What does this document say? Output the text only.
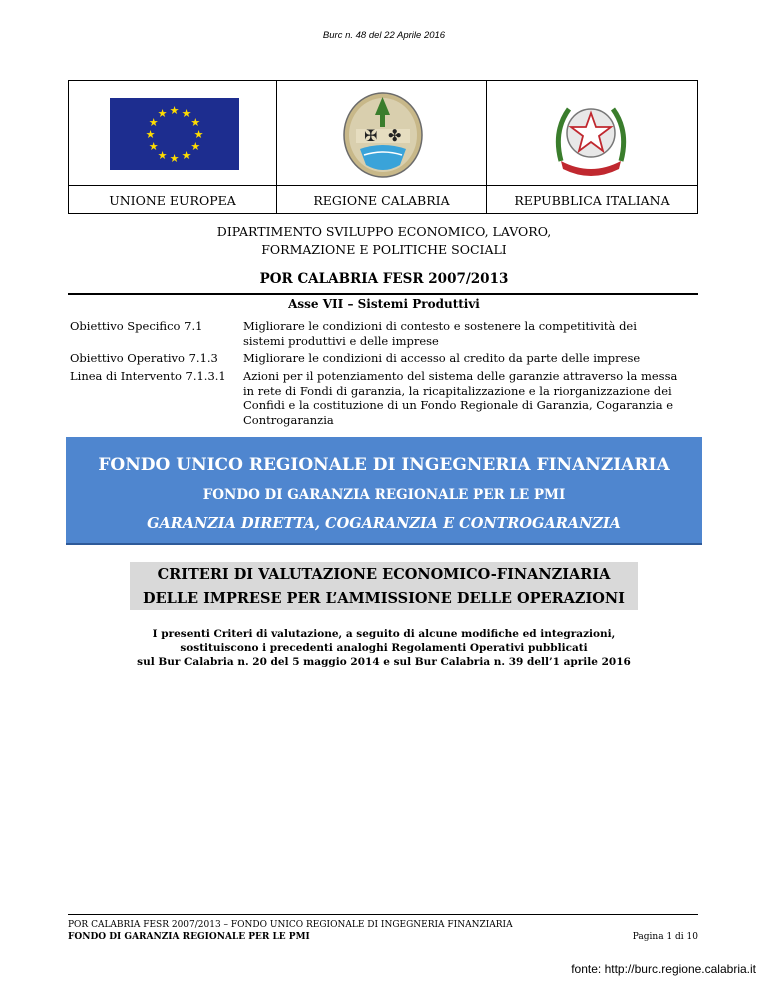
Burc n. 48 del 22 Aprile 2016
★ ★
★
★
★
★
★
★
★
★
★
★
✠ ✤
UNIONE EUROPEA	REGIONE CALABRIA	REPUBBLICA ITALIANA
DIPARTIMENTO SVILUPPO ECONOMICO, LAVORO,
FORMAZIONE E POLITICHE SOCIALI
POR CALABRIA FESR 2007/2013
Asse VII – Sistemi Produttivi
Obiettivo Specifico 7.1	Migliorare le condizioni di contesto e sostenere la competitività dei
sistemi produttivi e delle imprese
Obiettivo Operativo 7.1.3 Migliorare le condizioni di accesso al credito da parte delle imprese
Linea di Intervento 7.1.3.1 Azioni per il potenziamento del sistema delle garanzie attraverso la messa
in rete di Fondi di garanzia, la ricapitalizzazione e la riorganizzazione dei
Confidi e la costituzione di un Fondo Regionale di Garanzia, Cogaranzia e
Controgaranzia
FONDO UNICO REGIONALE DI INGEGNERIA FINANZIARIA
FONDO DI GARANZIA REGIONALE PER LE PMI
GARANZIA DIRETTA, COGARANZIA E CONTROGARANZIA
CRITERI DI VALUTAZIONE ECONOMICO-FINANZIARIA
DELLE IMPRESE PER L’AMMISSIONE DELLE OPERAZIONI
I presenti Criteri di valutazione, a seguito di alcune modifiche ed integrazioni,
sostituiscono i precedenti analoghi Regolamenti Operativi pubblicati
sul Bur Calabria n. 20 del 5 maggio 2014 e sul Bur Calabria n. 39 dell’1 aprile 2016
POR CALABRIA FESR 2007/2013 – FONDO UNICO REGIONALE DI INGEGNERIA FINANZIARIA
FONDO DI GARANZIA REGIONALE PER LE PMI	Pagina 1 di 10
fonte: http://burc.regione.calabria.it
